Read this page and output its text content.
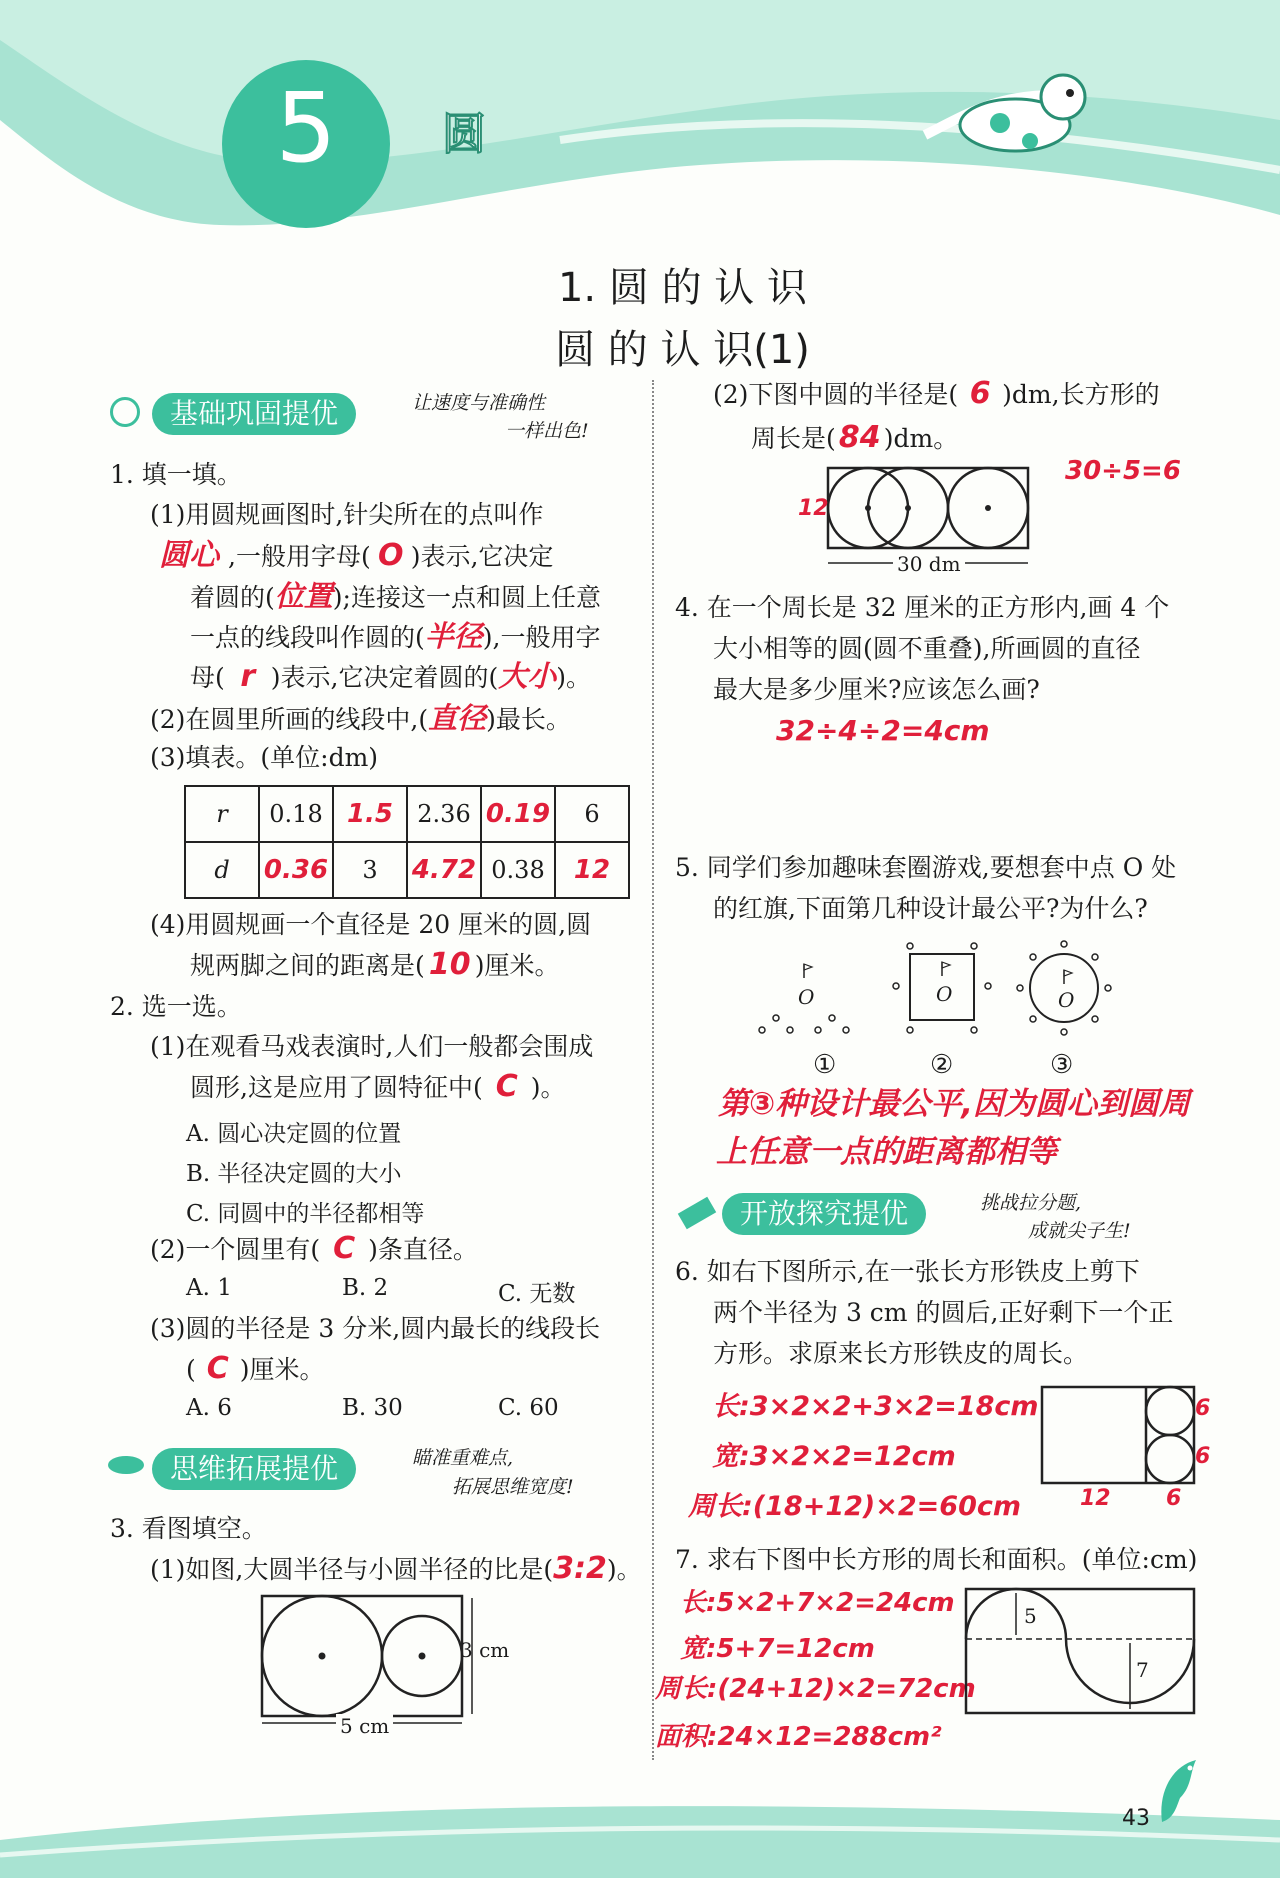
5	圆
1. 圆 的 认 识
圆 的 认 识(1)
基础巩固提优	让速度与准确性
一样出色!
1. 填一填。
(1)用圆规画图时,针尖所在的点叫作
圆心 ,一般用字母( O )表示,它决定
着圆的(位置);连接这一点和圆上任意
一点的线段叫作圆的(半径),一般用字
母( r )表示,它决定着圆的(大小)。
(2)在圆里所画的线段中,(直径)最长。
(3)填表。(单位:dm)
r	0.18	1.5	2.36	0.19	6
d	0.36	3	4.72	0.38	12
(4)用圆规画一个直径是 20 厘米的圆,圆
规两脚之间的距离是( 10 )厘米。
2. 选一选。
(1)在观看马戏表演时,人们一般都会围成
圆形,这是应用了圆特征中( C )。
A. 圆心决定圆的位置
B. 半径决定圆的大小
C. 同圆中的半径都相等
(2)一个圆里有( C )条直径。
A. 1	B. 2	C. 无数
(3)圆的半径是 3 分米,圆内最长的线段长
( C )厘米。
A. 6	B. 30	C. 60
思维拓展提优	瞄准重难点,
拓展思维宽度!
3. 看图填空。
(1)如图,大圆半径与小圆半径的比是(3:2)。
3 cm
5 cm
(2)下图中圆的半径是( 6 )dm,长方形的
周长是( 84 )dm。
30 dm
12
30÷5=6
4. 在一个周长是 32 厘米的正方形内,画 4 个
大小相等的圆(圆不重叠),所画圆的直径
最大是多少厘米?应该怎么画?
32÷4÷2=4cm
5. 同学们参加趣味套圈游戏,要想套中点 O 处
的红旗,下面第几种设计最公平?为什么?
O	O	O
①	②	③
第③种设计最公平,因为圆心到圆周
上任意一点的距离都相等
开放探究提优	挑战拉分题,
成就尖子生!
6. 如右下图所示,在一张长方形铁皮上剪下
两个半径为 3 cm 的圆后,正好剩下一个正
方形。求原来长方形铁皮的周长。
长:3×2×2+3×2=18cm
宽:3×2×2=12cm
周长:(18+12)×2=60cm
6
6
12	6
7. 求右下图中长方形的周长和面积。(单位:cm)
长:5×2+7×2=24cm
宽:5+7=12cm
周长:(24+12)×2=72cm
面积:24×12=288cm²
5
7
43
